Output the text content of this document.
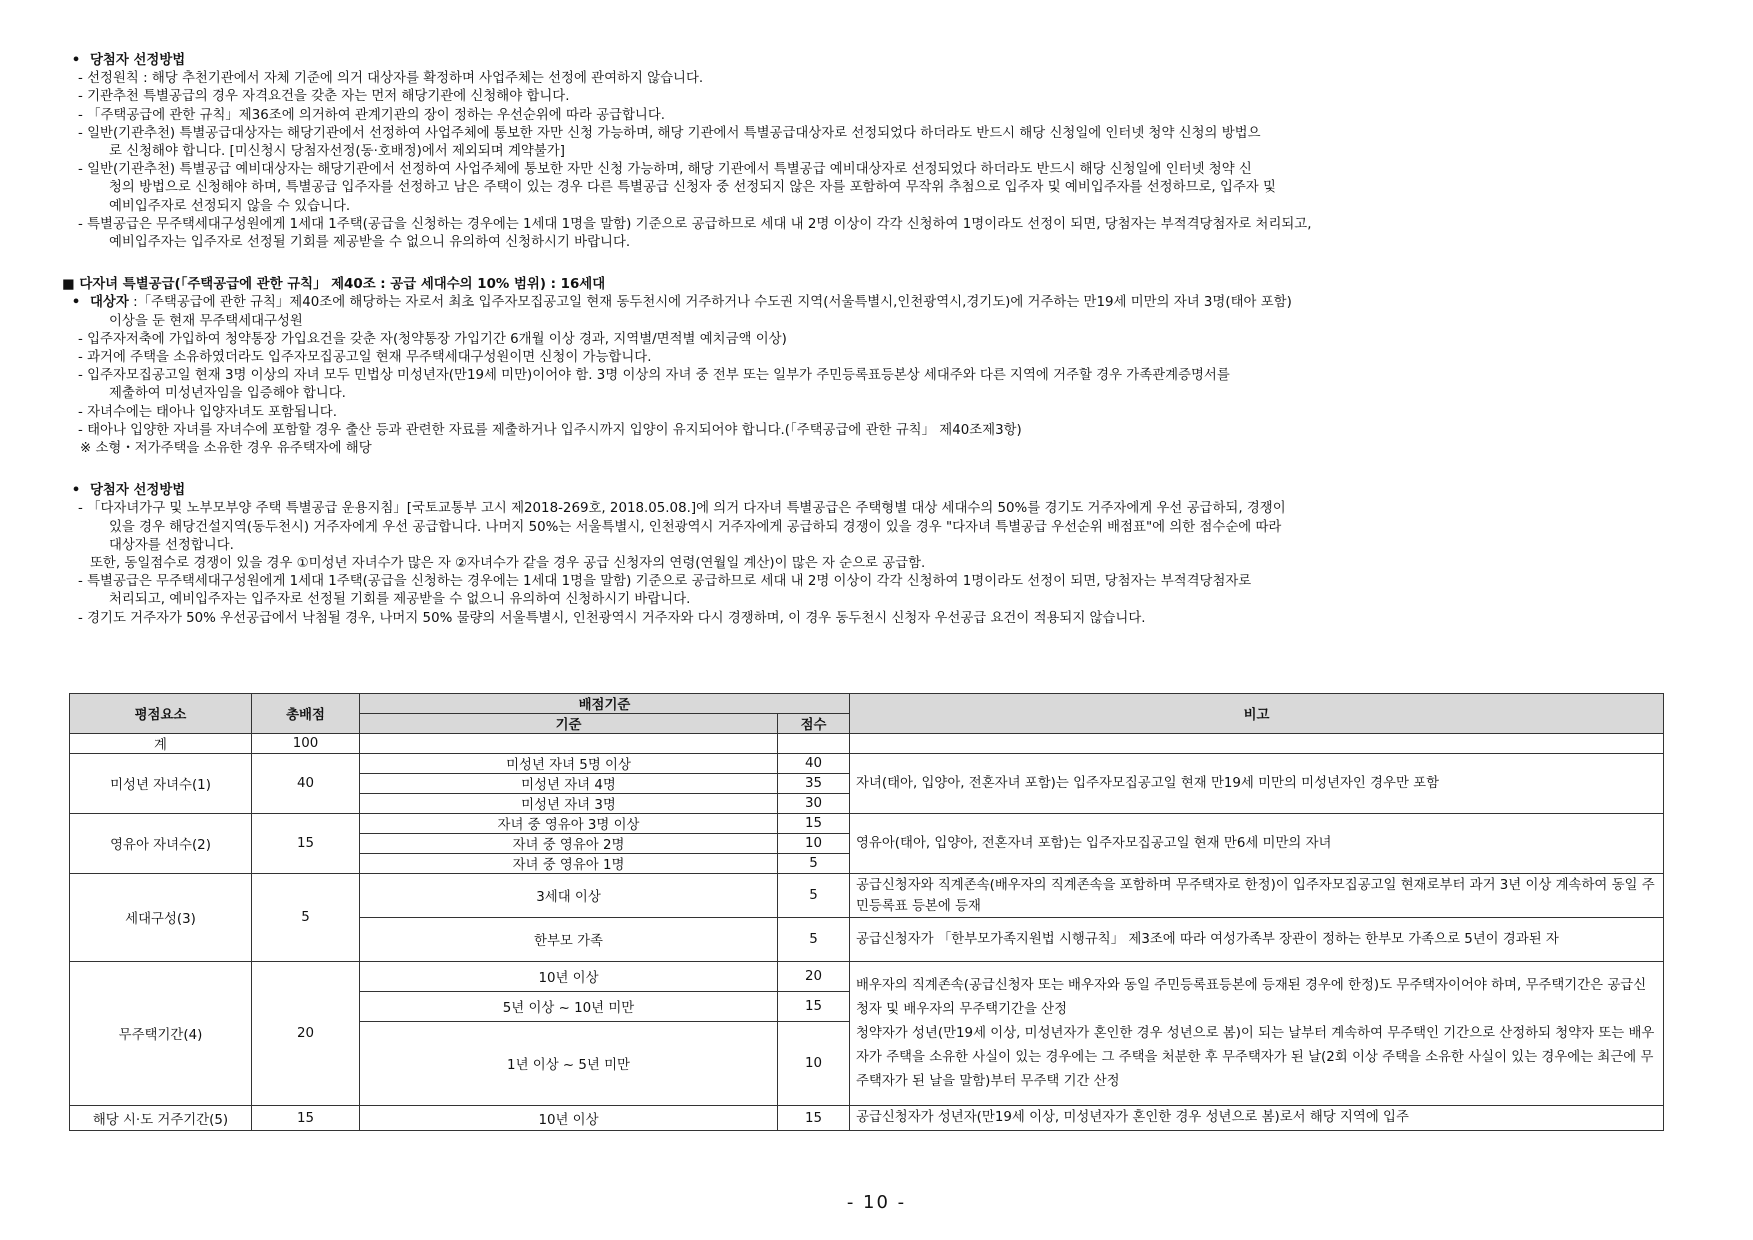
• 당첨자 선정방법
- 선정원칙 : 해당 추천기관에서 자체 기준에 의거 대상자를 확정하며 사업주체는 선정에 관여하지 않습니다.
- 기관추천 특별공급의 경우 자격요건을 갖춘 자는 먼저 해당기관에 신청해야 합니다.
- 「주택공급에 관한 규칙」제36조에 의거하여 관계기관의 장이 정하는 우선순위에 따라 공급합니다.
- 일반(기관추천) 특별공급대상자는 해당기관에서 선정하여 사업주체에 통보한 자만 신청 가능하며, 해당 기관에서 특별공급대상자로 선정되었다 하더라도 반드시 해당 신청일에 인터넷 청약 신청의 방법으
로 신청해야 합니다. [미신청시 당첨자선정(동·호배정)에서 제외되며 계약불가]
- 일반(기관추천) 특별공급 예비대상자는 해당기관에서 선정하여 사업주체에 통보한 자만 신청 가능하며, 해당 기관에서 특별공급 예비대상자로 선정되었다 하더라도 반드시 해당 신청일에 인터넷 청약 신
청의 방법으로 신청해야 하며, 특별공급 입주자를 선정하고 남은 주택이 있는 경우 다른 특별공급 신청자 중 선정되지 않은 자를 포함하여 무작위 추첨으로 입주자 및 예비입주자를 선정하므로, 입주자 및
예비입주자로 선정되지 않을 수 있습니다.
- 특별공급은 무주택세대구성원에게 1세대 1주택(공급을 신청하는 경우에는 1세대 1명을 말함) 기준으로 공급하므로 세대 내 2명 이상이 각각 신청하여 1명이라도 선정이 되면, 당첨자는 부적격당첨자로 처리되고,
예비입주자는 입주자로 선정될 기회를 제공받을 수 없으니 유의하여 신청하시기 바랍니다.
■ 다자녀 특별공급(「주택공급에 관한 규칙」 제40조 : 공급 세대수의 10% 범위) : 16세대
• 대상자 :「주택공급에 관한 규칙」제40조에 해당하는 자로서 최초 입주자모집공고일 현재 동두천시에 거주하거나 수도권 지역(서울특별시,인천광역시,경기도)에 거주하는 만19세 미만의 자녀 3명(태아 포함)
이상을 둔 현재 무주택세대구성원
- 입주자저축에 가입하여 청약통장 가입요건을 갖춘 자(청약통장 가입기간 6개월 이상 경과, 지역별/면적별 예치금액 이상)
- 과거에 주택을 소유하였더라도 입주자모집공고일 현재 무주택세대구성원이면 신청이 가능합니다.
- 입주자모집공고일 현재 3명 이상의 자녀 모두 민법상 미성년자(만19세 미만)이어야 함. 3명 이상의 자녀 중 전부 또는 일부가 주민등록표등본상 세대주와 다른 지역에 거주할 경우 가족관계증명서를
제출하여 미성년자임을 입증해야 합니다.
- 자녀수에는 태아나 입양자녀도 포함됩니다.
- 태아나 입양한 자녀를 자녀수에 포함할 경우 출산 등과 관련한 자료를 제출하거나 입주시까지 입양이 유지되어야 합니다.(「주택공급에 관한 규칙」 제40조제3항)
※ 소형・저가주택을 소유한 경우 유주택자에 해당
• 당첨자 선정방법
- 「다자녀가구 및 노부모부양 주택 특별공급 운용지침」[국토교통부 고시 제2018-269호, 2018.05.08.]에 의거 다자녀 특별공급은 주택형별 대상 세대수의 50%를 경기도 거주자에게 우선 공급하되, 경쟁이
있을 경우 해당건설지역(동두천시) 거주자에게 우선 공급합니다. 나머지 50%는 서울특별시, 인천광역시 거주자에게 공급하되 경쟁이 있을 경우 "다자녀 특별공급 우선순위 배점표"에 의한 점수순에 따라
대상자를 선정합니다.
또한, 동일점수로 경쟁이 있을 경우 ①미성년 자녀수가 많은 자 ②자녀수가 같을 경우 공급 신청자의 연령(연월일 계산)이 많은 자 순으로 공급함.
- 특별공급은 무주택세대구성원에게 1세대 1주택(공급을 신청하는 경우에는 1세대 1명을 말함) 기준으로 공급하므로 세대 내 2명 이상이 각각 신청하여 1명이라도 선정이 되면, 당첨자는 부적격당첨자로
처리되고, 예비입주자는 입주자로 선정될 기회를 제공받을 수 없으니 유의하여 신청하시기 바랍니다.
- 경기도 거주자가 50% 우선공급에서 낙첨될 경우, 나머지 50% 물량의 서울특별시, 인천광역시 거주자와 다시 경쟁하며, 이 경우 동두천시 신청자 우선공급 요건이 적용되지 않습니다.
평점요소	총배점	배점기준		비고
		기준	점수	
계	100			
미성년 자녀수(1)	40	미성년 자녀 5명 이상	40	자녀(태아, 입양아, 전혼자녀 포함)는 입주자모집공고일 현재 만19세 미만의 미성년자인 경우만 포함
		미성년 자녀 4명	35	
		미성년 자녀 3명	30	
영유아 자녀수(2)	15	자녀 중 영유아 3명 이상	15	영유아(태아, 입양아, 전혼자녀 포함)는 입주자모집공고일 현재 만6세 미만의 자녀
		자녀 중 영유아 2명	10	
		자녀 중 영유아 1명	5	
세대구성(3)	5	3세대 이상	5	공급신청자와 직계존속(배우자의 직계존속을 포함하며 무주택자로 한정)이 입주자모집공고일 현재로부터 과거 3년 이상 계속하여 동일 주민등록표 등본에 등재
		한부모 가족	5	공급신청자가 「한부모가족지원법 시행규칙」 제3조에 따라 여성가족부 장관이 정하는 한부모 가족으로 5년이 경과된 자
무주택기간(4)	20	10년 이상	20	배우자의 직계존속(공급신청자 또는 배우자와 동일 주민등록표등본에 등재된 경우에 한정)도 무주택자이어야 하며, 무주택기간은 공급신청자 및 배우자의 무주택기간을 산정
청약자가 성년(만19세 이상, 미성년자가 혼인한 경우 성년으로 봄)이 되는 날부터 계속하여 무주택인 기간으로 산정하되 청약자 또는 배우자가 주택을 소유한 사실이 있는 경우에는 그 주택을 처분한 후 무주택자가 된 날(2회 이상 주택을 소유한 사실이 있는 경우에는 최근에 무주택자가 된 날을 말함)부터 무주택 기간 산정

		5년 이상 ~ 10년 미만	15	
		1년 이상 ~ 5년 미만	10	
해당 시·도 거주기간(5)	15	10년 이상	15	공급신청자가 성년자(만19세 이상, 미성년자가 혼인한 경우 성년으로 봄)로서 해당 지역에 입주
- 10 -
